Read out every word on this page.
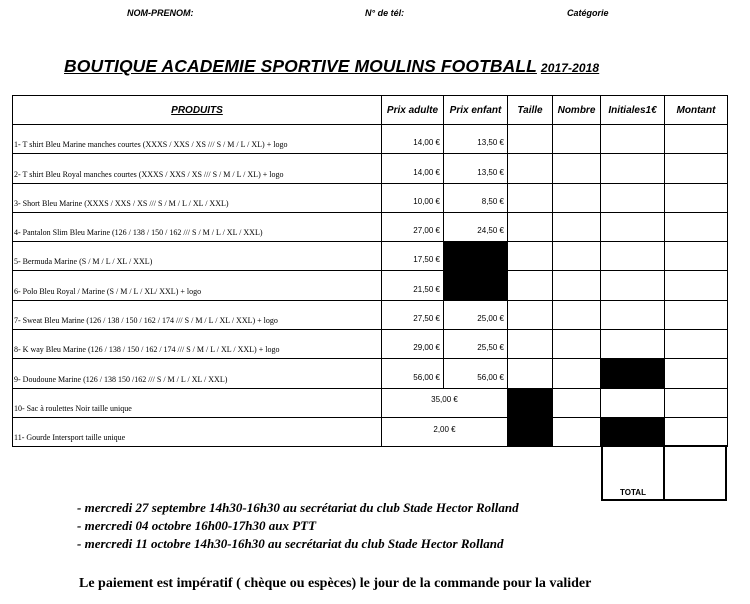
NOM-PRENOM:	N° de tél:	Catégorie
BOUTIQUE ACADEMIE SPORTIVE MOULINS FOOTBALL 2017-2018
PRODUITS	Prix adulte	Prix enfant	Taille	Nombre	Initiales1€	Montant
1- T shirt Bleu Marine manches courtes (XXXS / XXS / XS /// S / M / L / XL) + logo	14,00 €	13,50 €				
2- T shirt Bleu Royal manches courtes (XXXS / XXS / XS /// S / M / L / XL) + logo	14,00 €	13,50 €				
3- Short Bleu Marine (XXXS / XXS / XS /// S / M / L / XL / XXL)	10,00 €	8,50 €				
4- Pantalon Slim Bleu Marine (126 / 138 / 150 / 162 /// S / M / L / XL / XXL)	27,00 €	24,50 €				
5- Bermuda Marine (S / M / L / XL / XXL)	17,50 €					
6- Polo Bleu Royal / Marine (S / M / L / XL/ XXL) + logo	21,50 €					
7- Sweat Bleu Marine (126 / 138 / 150 / 162 / 174 /// S / M / L / XL / XXL) + logo	27,50 €	25,00 €				
8- K way Bleu Marine (126 / 138 / 150 / 162 / 174 /// S / M / L / XL / XXL) + logo	29,00 €	25,50 €				
9- Doudoune Marine (126 / 138 150 /162 /// S / M / L / XL / XXL)	56,00 €	56,00 €				
10- Sac à roulettes Noir taille unique	35,00 €					
11- Gourde Intersport taille unique	2,00 €					
TOTAL	
- mercredi 27 septembre 14h30-16h30 au secrétariat du club Stade Hector Rolland
- mercredi 04 octobre 16h00-17h30 aux PTT
- mercredi 11 octobre 14h30-16h30 au secrétariat du club Stade Hector Rolland
Le paiement est impératif ( chèque ou espèces) le jour de la commande pour la valider
